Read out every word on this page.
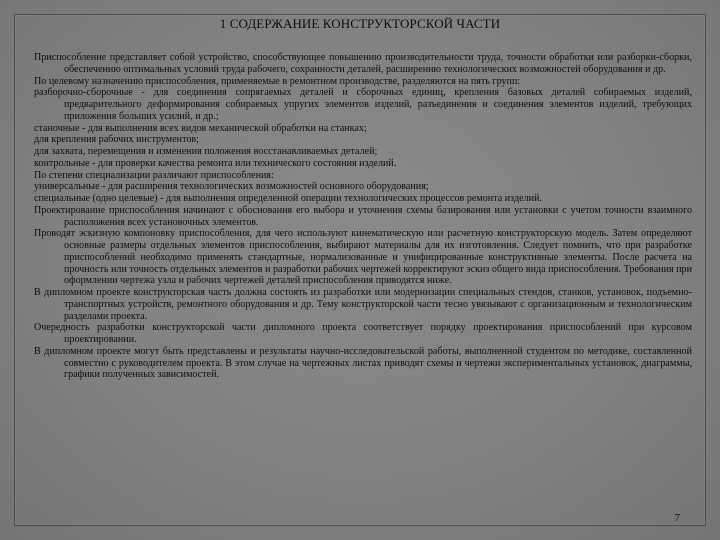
1 СОДЕРЖАНИЕ КОНСТРУКТОРСКОЙ ЧАСТИ
Приспособление представляет собой устройство, способствующее повышению производительности труда, точности обработки или разборки-сборки, обеспечению оптимальных условий труда рабочего, сохранности деталей, расширению технологических возможностей оборудования и др.
По целевому назначению приспособления, применяемые в ремонтном производстве, разделяются на пять групп:
разборочно-сборочные - для соединения сопрягаемых деталей и сборочных единиц, крепления базовых деталей собираемых изделий, предварительного деформирования собираемых упругих элементов изделий, разъединения и соединения элементов изделий, требующих приложения больших усилий, и др.;
станочные - для выполнения всех видов механической обработки на станках;
для крепления рабочих инструментов;
для захвата, перемещения и изменения положения восстанавливаемых деталей;
контрольные - для проверки качества ремонта или технического состояния изделий.
По степени специализации различают приспособления:
универсальные - для расширения технологических возможностей основного оборудования;
специальные (одно целевые) - для выполнения определенной операции технологических процессов ремонта изделий.
Проектирование приспособления начинают с обоснования его выбора и уточнения схемы базирования или установки с учетом точности взаимного расположения всех установочных элементов.
Проводят эскизную компоновку приспособления, для чего используют кинематическую или расчетную конструкторскую модель. Затем определяют основные размеры отдельных элементов приспособления, выбирают материалы для их изготовления. Следует помнить, что при разработке приспособлений необходимо применять стандартные, нормализованные и унифицированные конструктивные элементы. После расчета на прочность или точность отдельных элементов и разработки рабочих чертежей корректируют эскиз общего вида приспособления. Требования при оформлении чертежа узла и рабочих чертежей деталей приспособления приводятся ниже.
В дипломном проекте конструкторская часть должна состоять из разработки или модернизации специальных стендов, станков, установок, подъемно-транспортных устройств, ремонтного оборудования и др. Тему конструкторской части тесно увязывают с организационным и технологическим разделами проекта.
Очередность разработки конструкторской части дипломного проекта соответствует порядку проектирования приспособлений при курсовом проектировании.
В дипломном проекте могут быть представлены и результаты научно-исследовательской работы, выполненной студентом по методике, составленной совместно с руководителем проекта. В этом случае на чертежных листах приводят схемы и чертежи экспериментальных установок, диаграммы, графики полученных зависимостей.
7
